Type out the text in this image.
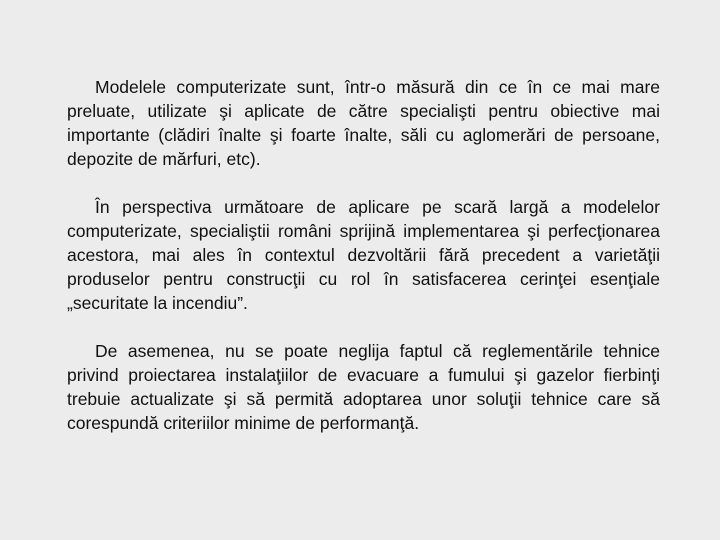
Modelele computerizate sunt, într-o măsură din ce în ce mai mare preluate, utilizate şi aplicate de către specialişti pentru obiective mai importante (clădiri înalte şi foarte înalte, săli cu aglomerări de persoane, depozite de mărfuri, etc).

În perspectiva următoare de aplicare pe scară largă a modelelor computerizate, specialiştii români sprijină implementarea şi perfecţionarea acestora, mai ales în contextul dezvoltării fără precedent a varietăţii produselor pentru construcţii cu rol în satisfacerea cerinţei esenţiale „securitate la incendiu”.

De asemenea, nu se poate neglija faptul că reglementările tehnice privind proiectarea instalaţiilor de evacuare a fumului şi gazelor fierbinţi trebuie actualizate şi să permită adoptarea unor soluţii tehnice care să corespundă criteriilor minime de performanţă.
